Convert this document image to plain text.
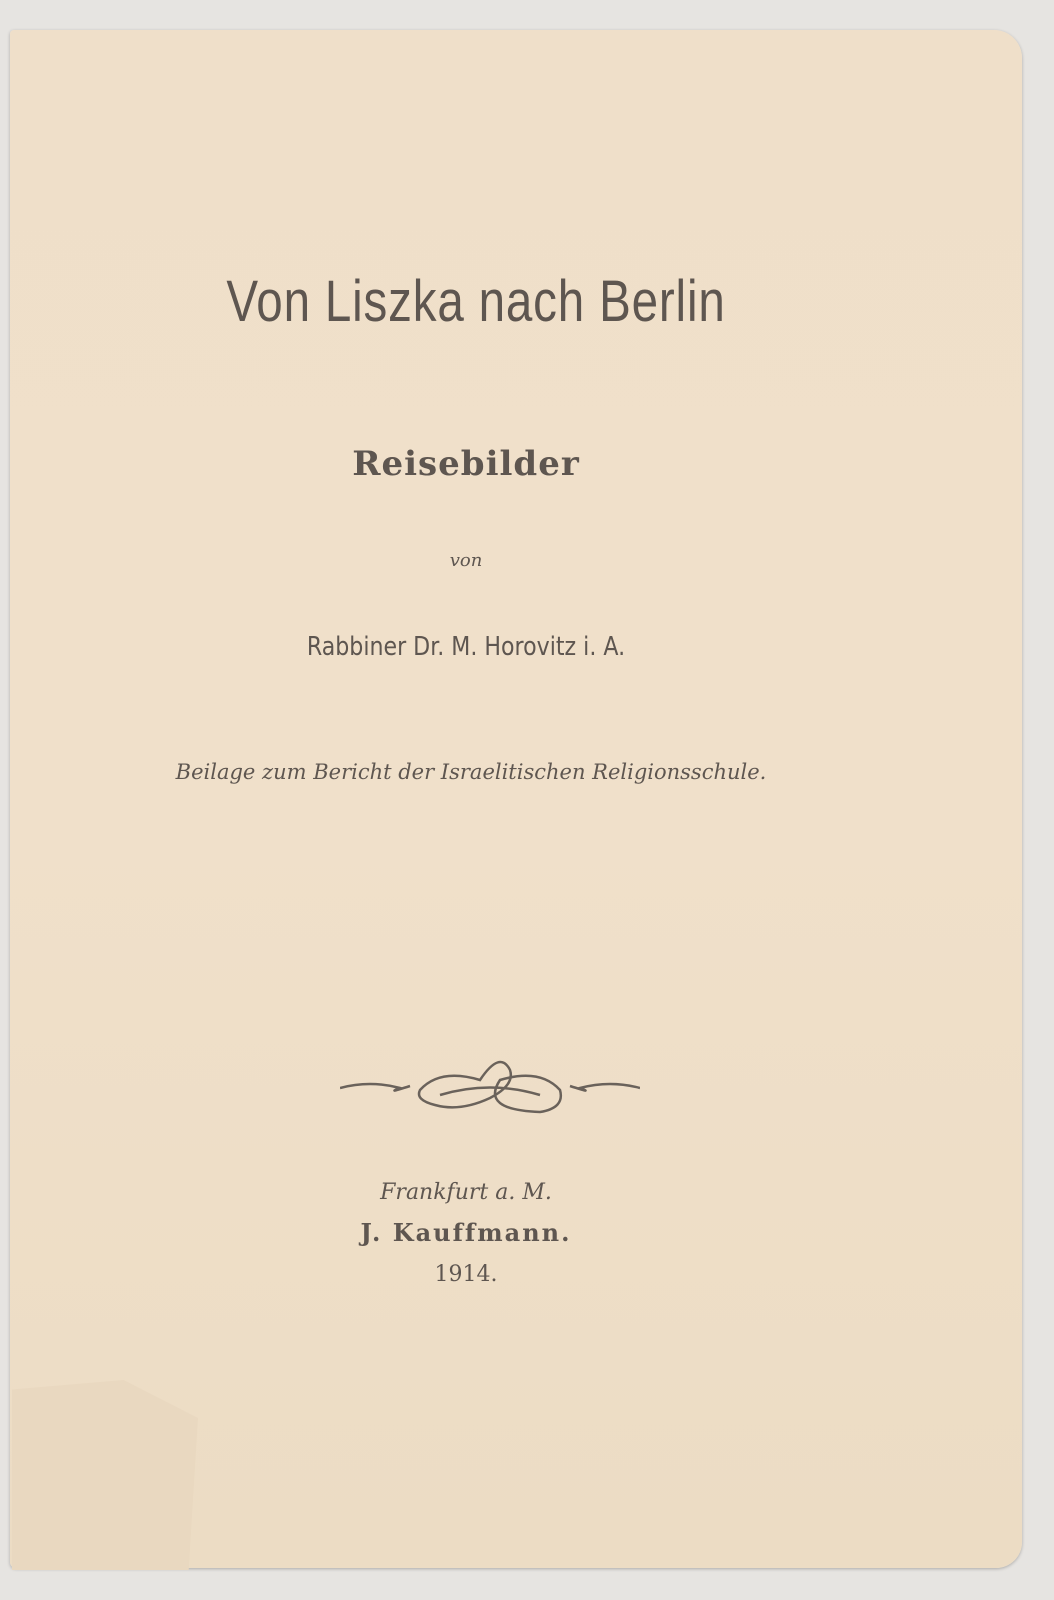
Von Liszka nach Berlin
Reisebilder
von
Rabbiner Dr. M. Horovitz i. A.
Beilage zum Bericht der Israelitischen Religionsschule.
Frankfurt a. M.
J. Kauffmann.
1914.
